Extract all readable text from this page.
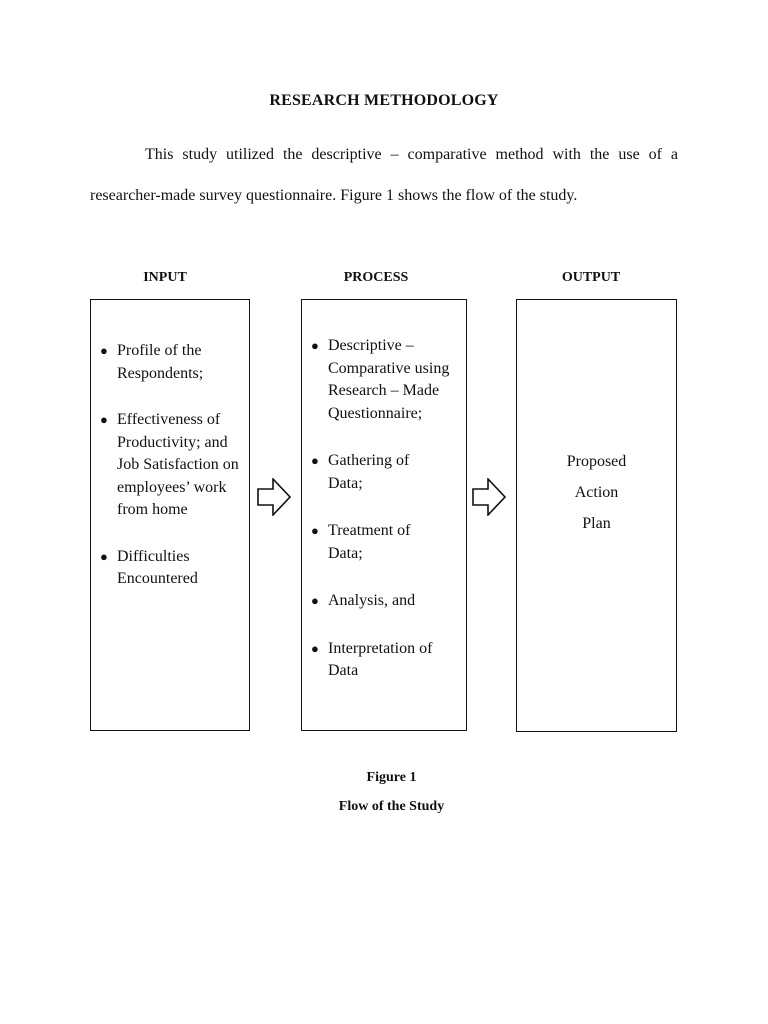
RESEARCH METHODOLOGY
This study utilized the descriptive – comparative method with the use of a
researcher-made survey questionnaire. Figure 1 shows the flow of the study.
INPUT	PROCESS	OUTPUT
● Profile of the Respondents;
● Effectiveness of Productivity; and Job Satisfaction on employees’ work from home
● Difficulties Encountered
● Descriptive – Comparative using Research – Made Questionnaire;
● Gathering of Data;
● Treatment of Data;
● Analysis, and
● Interpretation of Data
Proposed
Action
Plan
Figure 1
Flow of the Study
